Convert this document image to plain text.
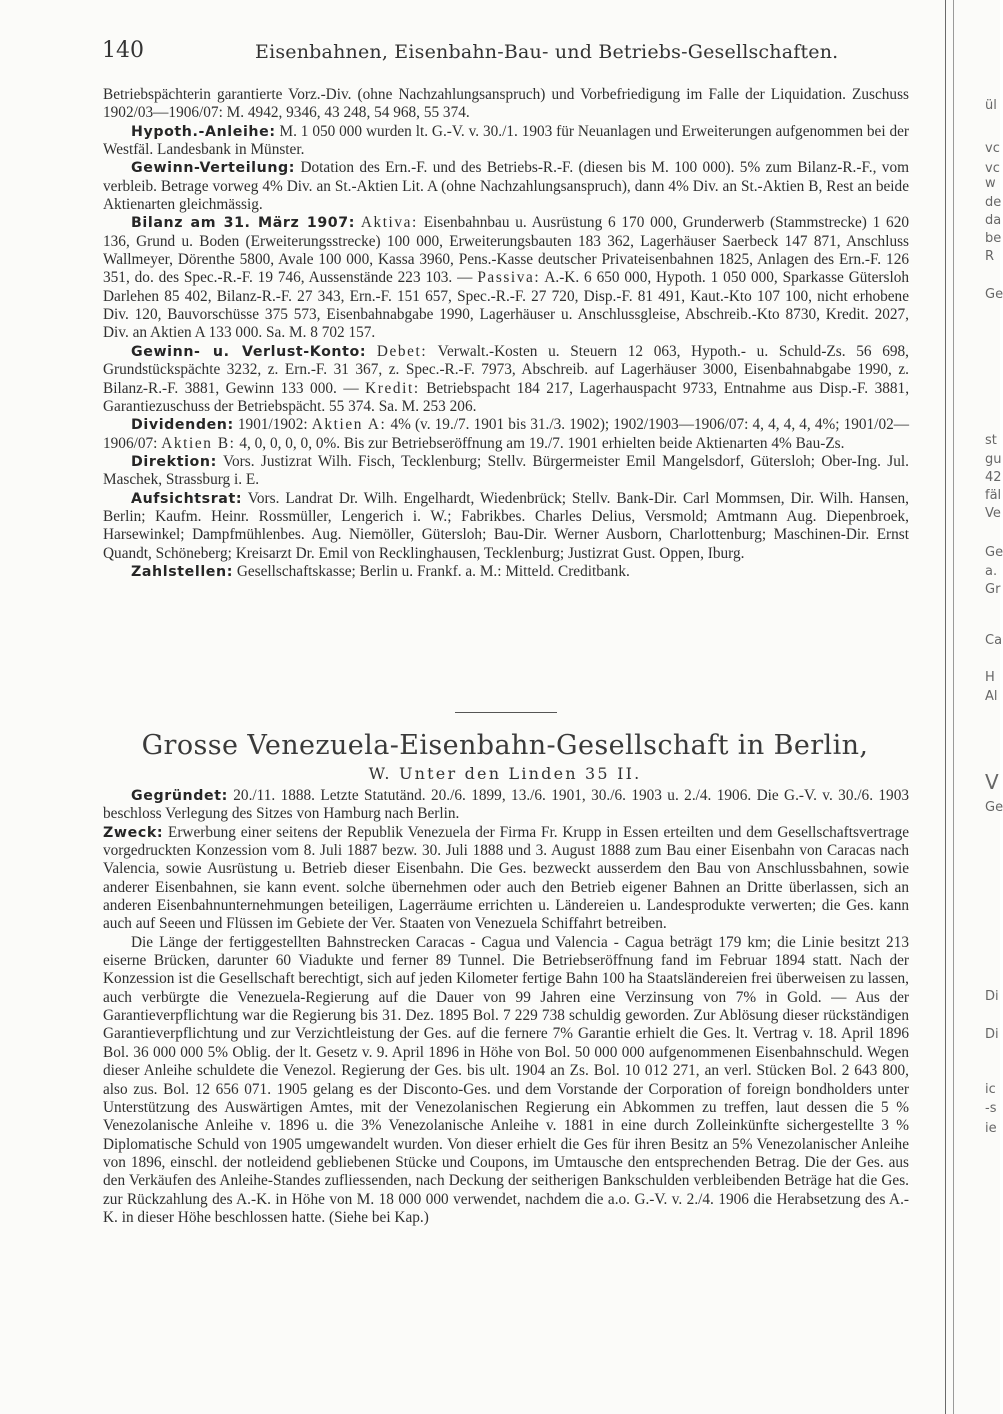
140	Eisenbahnen, Eisenbahn-Bau- und Betriebs-Gesellschaften.

Betriebspächterin garantierte Vorz.-Div. (ohne Nachzahlungsanspruch) und Vorbefriedigung im Falle der Liquidation. Zuschuss 1902/03—1906/07: M. 4942, 9346, 43 248, 54 968, 55 374.

Hypoth.-Anleihe: M. 1 050 000 wurden lt. G.-V. v. 30./1. 1903 für Neuanlagen und Erweiterungen aufgenommen bei der Westfäl. Landesbank in Münster.

Gewinn-Verteilung: Dotation des Ern.-F. und des Betriebs-R.-F. (diesen bis M. 100 000). 5% zum Bilanz-R.-F., vom verbleib. Betrage vorweg 4% Div. an St.-Aktien Lit. A (ohne Nachzahlungsanspruch), dann 4% Div. an St.-Aktien B, Rest an beide Aktienarten gleichmässig.

Bilanz am 31. März 1907: Aktiva: Eisenbahnbau u. Ausrüstung 6 170 000, Grunderwerb (Stammstrecke) 1 620 136, Grund u. Boden (Erweiterungsstrecke) 100 000, Erweiterungsbauten 183 362, Lagerhäuser Saerbeck 147 871, Anschluss Wallmeyer, Dörenthe 5800, Avale 100 000, Kassa 3960, Pens.-Kasse deutscher Privateisenbahnen 1825, Anlagen des Ern.-F. 126 351, do. des Spec.-R.-F. 19 746, Aussenstände 223 103. — Passiva: A.-K. 6 650 000, Hypoth. 1 050 000, Sparkasse Gütersloh Darlehen 85 402, Bilanz-R.-F. 27 343, Ern.-F. 151 657, Spec.-R.-F. 27 720, Disp.-F. 81 491, Kaut.-Kto 107 100, nicht erhobene Div. 120, Bauvorschüsse 375 573, Eisenbahnabgabe 1990, Lagerhäuser u. Anschlussgleise, Abschreib.-Kto 8730, Kredit. 2027, Div. an Aktien A 133 000. Sa. M. 8 702 157.

Gewinn- u. Verlust-Konto: Debet: Verwalt.-Kosten u. Steuern 12 063, Hypoth.- u. Schuld-Zs. 56 698, Grundstückspächte 3232, z. Ern.-F. 31 367, z. Spec.-R.-F. 7973, Abschreib. auf Lagerhäuser 3000, Eisenbahnabgabe 1990, z. Bilanz-R.-F. 3881, Gewinn 133 000. — Kredit: Betriebspacht 184 217, Lagerhauspacht 9733, Entnahme aus Disp.-F. 3881, Garantiezuschuss der Betriebspächt. 55 374. Sa. M. 253 206.

Dividenden: 1901/1902: Aktien A: 4% (v. 19./7. 1901 bis 31./3. 1902); 1902/1903—1906/07: 4, 4, 4, 4, 4%; 1901/02—1906/07: Aktien B: 4, 0, 0, 0, 0, 0%. Bis zur Betriebseröffnung am 19./7. 1901 erhielten beide Aktienarten 4% Bau-Zs.

Direktion: Vors. Justizrat Wilh. Fisch, Tecklenburg; Stellv. Bürgermeister Emil Mangelsdorf, Gütersloh; Ober-Ing. Jul. Maschek, Strassburg i. E.

Aufsichtsrat: Vors. Landrat Dr. Wilh. Engelhardt, Wiedenbrück; Stellv. Bank-Dir. Carl Mommsen, Dir. Wilh. Hansen, Berlin; Kaufm. Heinr. Rossmüller, Lengerich i. W.; Fabrikbes. Charles Delius, Versmold; Amtmann Aug. Diepenbroek, Harsewinkel; Dampfmühlenbes. Aug. Niemöller, Gütersloh; Bau-Dir. Werner Ausborn, Charlottenburg; Maschinen-Dir. Ernst Quandt, Schöneberg; Kreisarzt Dr. Emil von Recklinghausen, Tecklenburg; Justizrat Gust. Oppen, Iburg.

Zahlstellen: Gesellschaftskasse; Berlin u. Frankf. a. M.: Mitteld. Creditbank.

Grosse Venezuela-Eisenbahn-Gesellschaft in Berlin,
W. Unter den Linden 35 II.

Gegründet: 20./11. 1888. Letzte Statutänd. 20./6. 1899, 13./6. 1901, 30./6. 1903 u. 2./4. 1906. Die G.-V. v. 30./6. 1903 beschloss Verlegung des Sitzes von Hamburg nach Berlin.

Zweck: Erwerbung einer seitens der Republik Venezuela der Firma Fr. Krupp in Essen erteilten und dem Gesellschaftsvertrage vorgedruckten Konzession vom 8. Juli 1887 bezw. 30. Juli 1888 und 3. August 1888 zum Bau einer Eisenbahn von Caracas nach Valencia, sowie Ausrüstung u. Betrieb dieser Eisenbahn. Die Ges. bezweckt ausserdem den Bau von Anschlussbahnen, sowie anderer Eisenbahnen, sie kann event. solche übernehmen oder auch den Betrieb eigener Bahnen an Dritte überlassen, sich an anderen Eisenbahnunternehmungen beteiligen, Lagerräume errichten u. Ländereien u. Landesprodukte verwerten; die Ges. kann auch auf Seeen und Flüssen im Gebiete der Ver. Staaten von Venezuela Schiffahrt betreiben.

Die Länge der fertiggestellten Bahnstrecken Caracas - Cagua und Valencia - Cagua beträgt 179 km; die Linie besitzt 213 eiserne Brücken, darunter 60 Viadukte und ferner 89 Tunnel. Die Betriebseröffnung fand im Februar 1894 statt. Nach der Konzession ist die Gesellschaft berechtigt, sich auf jeden Kilometer fertige Bahn 100 ha Staatsländereien frei überweisen zu lassen, auch verbürgte die Venezuela-Regierung auf die Dauer von 99 Jahren eine Verzinsung von 7% in Gold. — Aus der Garantieverpflichtung war die Regierung bis 31. Dez. 1895 Bol. 7 229 738 schuldig geworden. Zur Ablösung dieser rückständigen Garantieverpflichtung und zur Verzichtleistung der Ges. auf die fernere 7% Garantie erhielt die Ges. lt. Vertrag v. 18. April 1896 Bol. 36 000 000 5% Oblig. der lt. Gesetz v. 9. April 1896 in Höhe von Bol. 50 000 000 aufgenommenen Eisenbahnschuld. Wegen dieser Anleihe schuldete die Venezol. Regierung der Ges. bis ult. 1904 an Zs. Bol. 10 012 271, an verl. Stücken Bol. 2 643 800, also zus. Bol. 12 656 071. 1905 gelang es der Disconto-Ges. und dem Vorstande der Corporation of foreign bondholders unter Unterstützung des Auswärtigen Amtes, mit der Venezolanischen Regierung ein Abkommen zu treffen, laut dessen die 5 % Venezolanische Anleihe v. 1896 u. die 3% Venezolanische Anleihe v. 1881 in eine durch Zolleinkünfte sichergestellte 3 % Diplomatische Schuld von 1905 umgewandelt wurden. Von dieser erhielt die Ges für ihren Besitz an 5% Venezolanischer Anleihe von 1896, einschl. der notleidend gebliebenen Stücke und Coupons, im Umtausche den entsprechenden Betrag. Die der Ges. aus den Verkäufen des Anleihe-Standes zufliessenden, nach Deckung der seitherigen Bankschulden verbleibenden Beträge hat die Ges. zur Rückzahlung des A.-K. in Höhe von M. 18 000 000 verwendet, nachdem die a.o. G.-V. v. 2./4. 1906 die Herabsetzung des A.-K. in dieser Höhe beschlossen hatte. (Siehe bei Kap.)

ül
vc
vc
w
de
da
be
R
Ge
st
gu
42
fäl
Ve
Ge
a.
Gr
Ca
H
Al
V
Ge
Di
Di
ic
-s
ie
